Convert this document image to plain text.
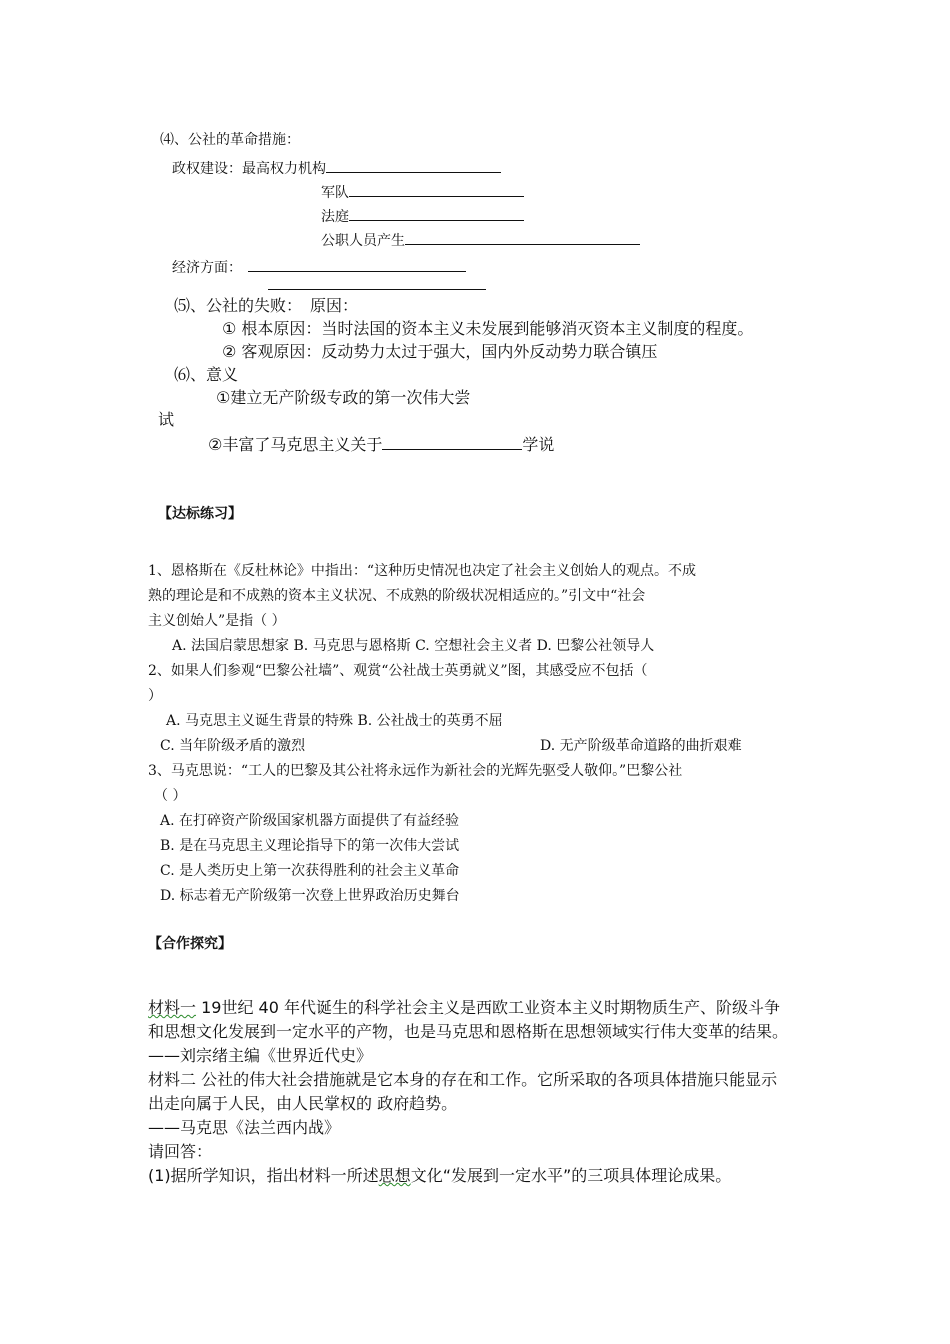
⑷、公社的革命措施：
政权建设：最高权力机构
军队
法庭
公职人员产生
经济方面：
⑸、公社的失败：　原因：
① 根本原因：当时法国的资本主义未发展到能够消灭资本主义制度的程度。
② 客观原因：反动势力太过于强大，国内外反动势力联合镇压
⑹、意义
①建立无产阶级专政的第一次伟大尝
试
②丰富了马克思主义关于	学说
【达标练习】
1、恩格斯在《反杜林论》中指出：“这种历史情况也决定了社会主义创始人的观点。不成
熟的理论是和不成熟的资本主义状况、不成熟的阶级状况相适应的。”引文中“社会
主义创始人”是指（ ）
A. 法国启蒙思想家 B. 马克思与恩格斯 C. 空想社会主义者 D. 巴黎公社领导人
2、如果人们参观“巴黎公社墙”、观赏“公社战士英勇就义”图，其感受应不包括（
）
A. 马克思主义诞生背景的特殊 B. 公社战士的英勇不屈
C. 当年阶级矛盾的激烈	D. 无产阶级革命道路的曲折艰难
3、马克思说：“工人的巴黎及其公社将永远作为新社会的光辉先驱受人敬仰。”巴黎公社
（ ）
A. 在打碎资产阶级国家机器方面提供了有益经验
B. 是在马克思主义理论指导下的第一次伟大尝试
C. 是人类历史上第一次获得胜利的社会主义革命
D. 标志着无产阶级第一次登上世界政治历史舞台
【合作探究】
材料一 19世纪 40 年代诞生的科学社会主义是西欧工业资本主义时期物质生产、阶级斗争
和思想文化发展到一定水平的产物，也是马克思和恩格斯在思想领域实行伟大变革的结果。
——刘宗绪主编《世界近代史》
材料二 公社的伟大社会措施就是它本身的存在和工作。它所采取的各项具体措施只能显示
出走向属于人民，由人民掌权的 政府趋势。
——马克思《法兰西内战》
请回答：
(1)据所学知识，指出材料一所述思想文化“发展到一定水平”的三项具体理论成果。
